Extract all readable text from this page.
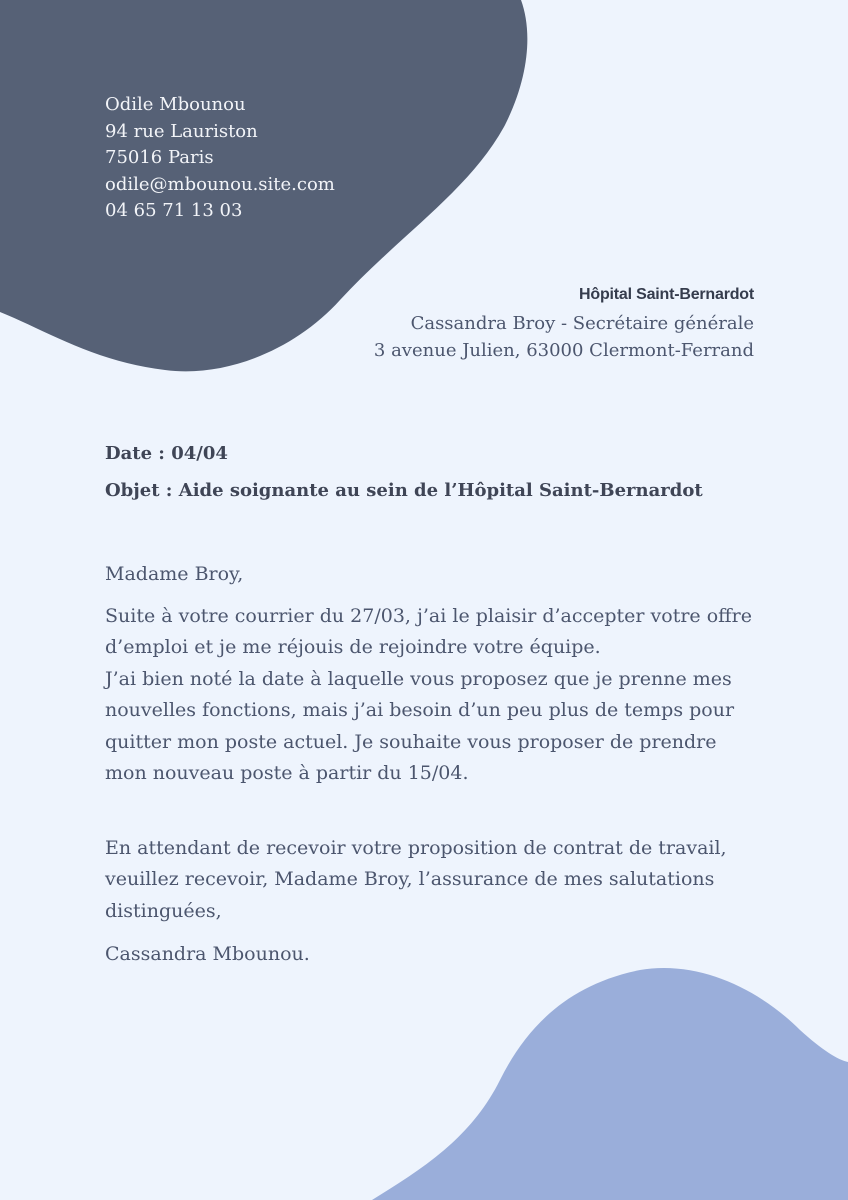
Odile Mbounou
94 rue Lauriston
75016 Paris
odile@mbounou.site.com
04 65 71 13 03
Hôpital Saint-Bernardot
Cassandra Broy - Secrétaire générale
3 avenue Julien, 63000 Clermont-Ferrand
Date : 04/04
Objet : Aide soignante au sein de l’Hôpital Saint-Bernardot

Madame Broy,

Suite à votre courrier du 27/03, j’ai le plaisir d’accepter votre offre d’emploi et je me réjouis de rejoindre votre équipe.

J’ai bien noté la date à laquelle vous proposez que je prenne mes nouvelles fonctions, mais j’ai besoin d’un peu plus de temps pour quitter mon poste actuel. Je souhaite vous proposer de prendre mon nouveau poste à partir du 15/04.

En attendant de recevoir votre proposition de contrat de travail, veuillez recevoir, Madame Broy, l’assurance de mes salutations distinguées,

Cassandra Mbounou.
